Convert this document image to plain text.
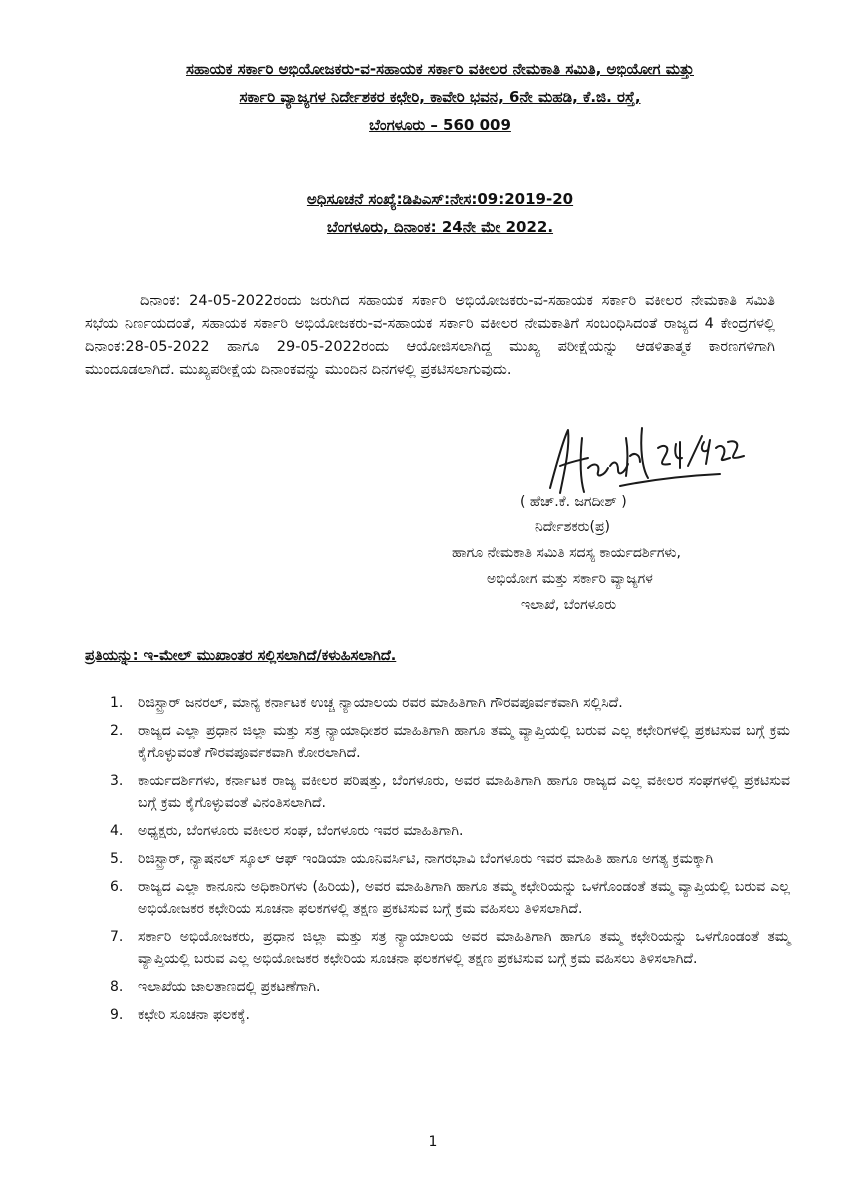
ಸಹಾಯಕ ಸರ್ಕಾರಿ ಅಭಿಯೋಜಕರು-ವ-ಸಹಾಯಕ ಸರ್ಕಾರಿ ವಕೀಲರ ನೇಮಕಾತಿ ಸಮಿತಿ, ಅಭಿಯೋಗ ಮತ್ತು
ಸರ್ಕಾರಿ ವ್ಯಾಜ್ಯಗಳ ನಿರ್ದೇಶಕರ ಕಛೇರಿ, ಕಾವೇರಿ ಭವನ, 6ನೇ ಮಹಡಿ, ಕೆ.ಜಿ. ರಸ್ತೆ,
ಬೆಂಗಳೂರು – 560 009
ಅಧಿಸೂಚನೆ ಸಂಖ್ಯೆ:ಡಿಪಿಎಸ್:ನೇಸ:09:2019-20
ಬೆಂಗಳೂರು, ದಿನಾಂಕ: 24ನೇ ಮೇ 2022.
ದಿನಾಂಕ: 24-05-2022ರಂದು ಜರುಗಿದ ಸಹಾಯಕ ಸರ್ಕಾರಿ ಅಭಿಯೋಜಕರು-ವ-ಸಹಾಯಕ ಸರ್ಕಾರಿ ವಕೀಲರ ನೇಮಕಾತಿ ಸಮಿತಿ ಸಭೆಯ ನಿರ್ಣಯದಂತೆ, ಸಹಾಯಕ ಸರ್ಕಾರಿ ಅಭಿಯೋಜಕರು-ವ-ಸಹಾಯಕ ಸರ್ಕಾರಿ ವಕೀಲರ ನೇಮಕಾತಿಗೆ ಸಂಬಂಧಿಸಿದಂತೆ ರಾಜ್ಯದ 4 ಕೇಂದ್ರಗಳಲ್ಲಿ ದಿನಾಂಕ:28-05-2022 ಹಾಗೂ 29-05-2022ರಂದು ಆಯೋಜಿಸಲಾಗಿದ್ದ ಮುಖ್ಯ ಪರೀಕ್ಷೆಯನ್ನು ಆಡಳಿತಾತ್ಮಕ ಕಾರಣಗಳಿಗಾಗಿ ಮುಂದೂಡಲಾಗಿದೆ. ಮುಖ್ಯಪರೀಕ್ಷೆಯ ದಿನಾಂಕವನ್ನು ಮುಂದಿನ ದಿನಗಳಲ್ಲಿ ಪ್ರಕಟಿಸಲಾಗುವುದು.
( ಹೆಚ್.ಕೆ. ಜಗದೀಶ್ )
ನಿರ್ದೇಶಕರು(ಪ್ರ)
ಹಾಗೂ ನೇಮಕಾತಿ ಸಮಿತಿ ಸದಸ್ಯ ಕಾರ್ಯದರ್ಶಿಗಳು,
ಅಭಿಯೋಗ ಮತ್ತು ಸರ್ಕಾರಿ ವ್ಯಾಜ್ಯಗಳ
ಇಲಾಖೆ, ಬೆಂಗಳೂರು
ಪ್ರತಿಯನ್ನು: ಇ-ಮೇಲ್ ಮುಖಾಂತರ ಸಲ್ಲಿಸಲಾಗಿದೆ/ಕಳುಹಿಸಲಾಗಿದೆ.
1.	ರಿಜಿಸ್ಟ್ರಾರ್ ಜನರಲ್, ಮಾನ್ಯ ಕರ್ನಾಟಕ ಉಚ್ಚ ನ್ಯಾಯಾಲಯ ರವರ ಮಾಹಿತಿಗಾಗಿ ಗೌರವಪೂರ್ವಕವಾಗಿ ಸಲ್ಲಿಸಿದೆ.
2.	ರಾಜ್ಯದ ಎಲ್ಲಾ ಪ್ರಧಾನ ಜಿಲ್ಲಾ ಮತ್ತು ಸತ್ರ ನ್ಯಾಯಾಧೀಶರ ಮಾಹಿತಿಗಾಗಿ ಹಾಗೂ ತಮ್ಮ ವ್ಯಾಪ್ತಿಯಲ್ಲಿ ಬರುವ ಎಲ್ಲ ಕಛೇರಿಗಳಲ್ಲಿ ಪ್ರಕಟಿಸುವ ಬಗ್ಗೆ ಕ್ರಮ ಕೈಗೊಳ್ಳುವಂತೆ ಗೌರವಪೂರ್ವಕವಾಗಿ ಕೋರಲಾಗಿದೆ.
3.	ಕಾರ್ಯದರ್ಶಿಗಳು, ಕರ್ನಾಟಕ ರಾಜ್ಯ ವಕೀಲರ ಪರಿಷತ್ತು, ಬೆಂಗಳೂರು, ಅವರ ಮಾಹಿತಿಗಾಗಿ ಹಾಗೂ ರಾಜ್ಯದ ಎಲ್ಲ ವಕೀಲರ ಸಂಘಗಳಲ್ಲಿ ಪ್ರಕಟಿಸುವ ಬಗ್ಗೆ ಕ್ರಮ ಕೈಗೊಳ್ಳುವಂತೆ ವಿನಂತಿಸಲಾಗಿದೆ.
4.	ಅಧ್ಯಕ್ಷರು, ಬೆಂಗಳೂರು ವಕೀಲರ ಸಂಘ, ಬೆಂಗಳೂರು ಇವರ ಮಾಹಿತಿಗಾಗಿ.
5.	ರಿಜಿಸ್ಟ್ರಾರ್, ನ್ಯಾಷನಲ್ ಸ್ಕೂಲ್ ಆಫ್ ಇಂಡಿಯಾ ಯೂನಿವರ್ಸಿಟಿ, ನಾಗರಭಾವಿ ಬೆಂಗಳೂರು ಇವರ ಮಾಹಿತಿ ಹಾಗೂ ಅಗತ್ಯ ಕ್ರಮಕ್ಕಾಗಿ
6.	ರಾಜ್ಯದ ಎಲ್ಲಾ ಕಾನೂನು ಅಧಿಕಾರಿಗಳು (ಹಿರಿಯ), ಅವರ ಮಾಹಿತಿಗಾಗಿ ಹಾಗೂ ತಮ್ಮ ಕಛೇರಿಯನ್ನು ಒಳಗೊಂಡಂತೆ ತಮ್ಮ ವ್ಯಾಪ್ತಿಯಲ್ಲಿ ಬರುವ ಎಲ್ಲ ಅಭಿಯೋಜಕರ ಕಛೇರಿಯ ಸೂಚನಾ ಫಲಕಗಳಲ್ಲಿ ತಕ್ಷಣ ಪ್ರಕಟಿಸುವ ಬಗ್ಗೆ ಕ್ರಮ ವಹಿಸಲು ತಿಳಿಸಲಾಗಿದೆ.
7.	ಸರ್ಕಾರಿ ಅಭಿಯೋಜಕರು, ಪ್ರಧಾನ ಜಿಲ್ಲಾ ಮತ್ತು ಸತ್ರ ನ್ಯಾಯಾಲಯ ಅವರ ಮಾಹಿತಿಗಾಗಿ ಹಾಗೂ ತಮ್ಮ ಕಛೇರಿಯನ್ನು ಒಳಗೊಂಡಂತೆ ತಮ್ಮ ವ್ಯಾಪ್ತಿಯಲ್ಲಿ ಬರುವ ಎಲ್ಲ ಅಭಿಯೋಜಕರ ಕಛೇರಿಯ ಸೂಚನಾ ಫಲಕಗಳಲ್ಲಿ ತಕ್ಷಣ ಪ್ರಕಟಿಸುವ ಬಗ್ಗೆ ಕ್ರಮ ವಹಿಸಲು ತಿಳಿಸಲಾಗಿದೆ.
8.	ಇಲಾಖೆಯ ಜಾಲತಾಣದಲ್ಲಿ ಪ್ರಕಟಣೆಗಾಗಿ.
9.	ಕಛೇರಿ ಸೂಚನಾ ಫಲಕಕ್ಕೆ.
1
